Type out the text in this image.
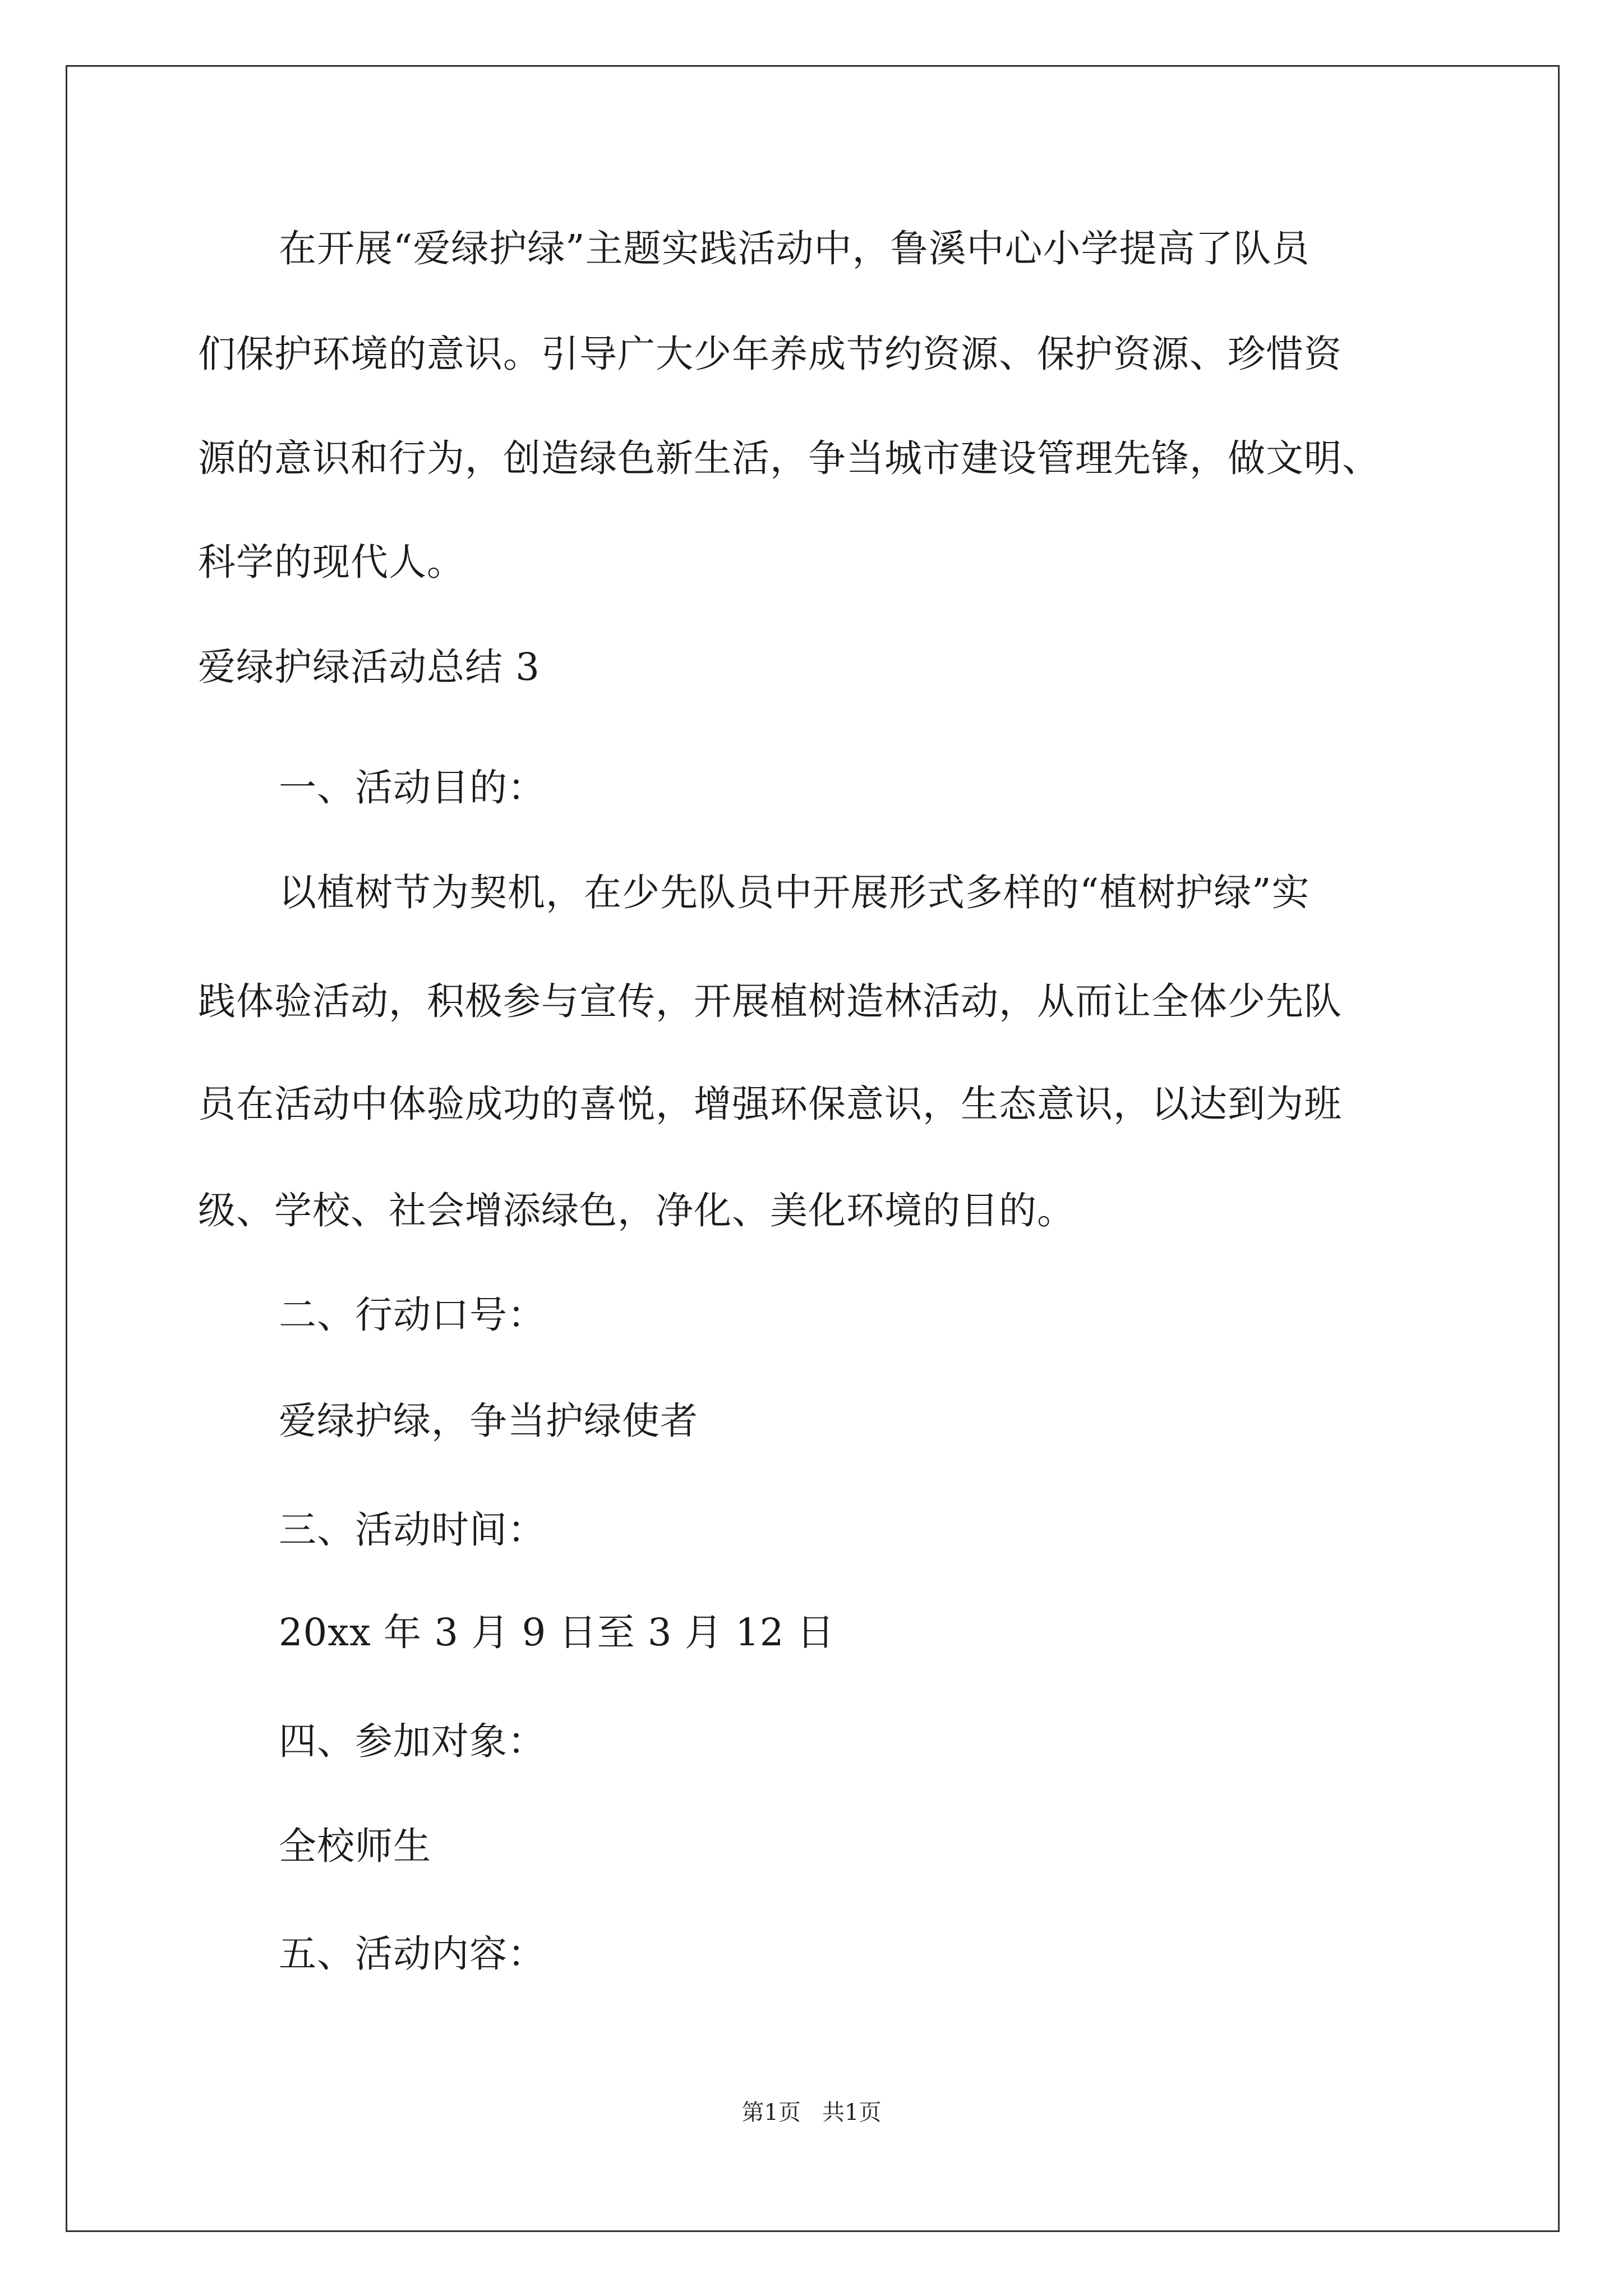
在开展“爱绿护绿”主题实践活动中，鲁溪中心小学提高了队员
们保护环境的意识。引导广大少年养成节约资源、保护资源、珍惜资
源的意识和行为，创造绿色新生活，争当城市建设管理先锋，做文明、
科学的现代人。
爱绿护绿活动总结 3
一、活动目的：
以植树节为契机，在少先队员中开展形式多样的“植树护绿”实
践体验活动，积极参与宣传，开展植树造林活动，从而让全体少先队
员在活动中体验成功的喜悦，增强环保意识，生态意识，以达到为班
级、学校、社会增添绿色，净化、美化环境的目的。
二、行动口号：
爱绿护绿，争当护绿使者
三、活动时间：
20xx 年 3 月 9 日至 3 月 12 日
四、参加对象：
全校师生
五、活动内容：
第1页   共1页
